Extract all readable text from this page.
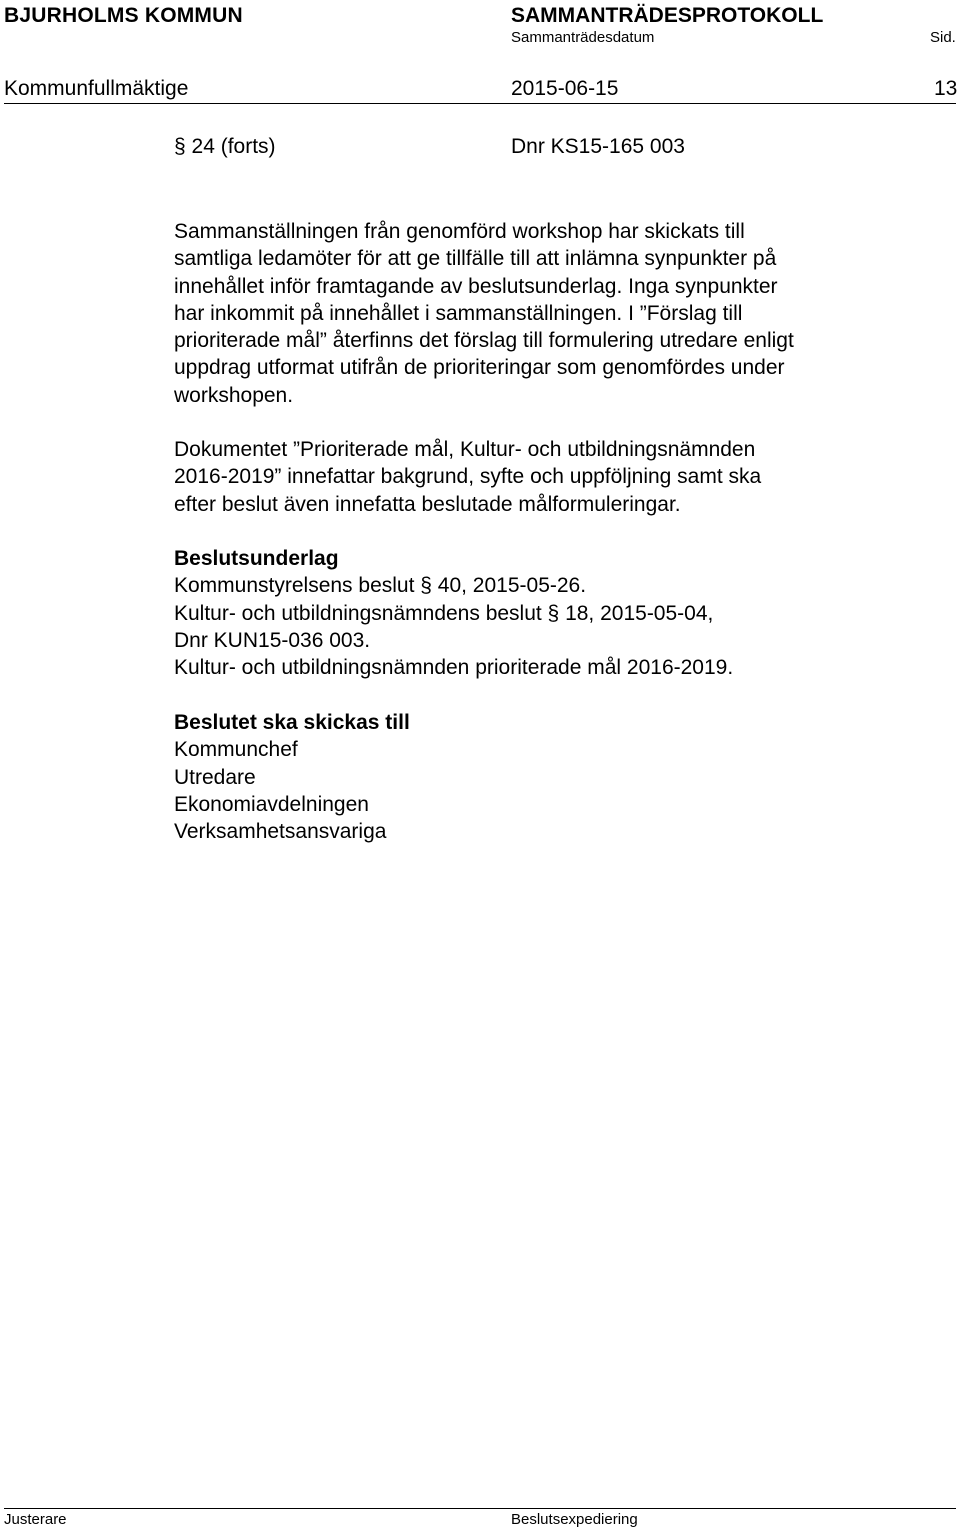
BJURHOLMS KOMMUN	SAMMANTRÄDESPROTOKOLL
Sammanträdesdatum	Sid.
Kommunfullmäktige	2015-06-15	13
§ 24 (forts)	Dnr KS15-165 003

Sammanställningen från genomförd workshop har skickats till

samtliga ledamöter för att ge tillfälle till att inlämna synpunkter på

innehållet inför framtagande av beslutsunderlag. Inga synpunkter

har inkommit på innehållet i sammanställningen. I ”Förslag till

prioriterade mål” återfinns det förslag till formulering utredare enligt

uppdrag utformat utifrån de prioriteringar som genomfördes under

workshopen.

Dokumentet ”Prioriterade mål, Kultur- och utbildningsnämnden

2016-2019” innefattar bakgrund, syfte och uppföljning samt ska

efter beslut även innefatta beslutade målformuleringar.

Beslutsunderlag

Kommunstyrelsens beslut § 40, 2015-05-26.

Kultur- och utbildningsnämndens beslut § 18, 2015-05-04,

Dnr KUN15-036 003.

Kultur- och utbildningsnämnden prioriterade mål 2016-2019.

Beslutet ska skickas till

Kommunchef

Utredare

Ekonomiavdelningen

Verksamhetsansvariga

Justerare	Beslutsexpediering
